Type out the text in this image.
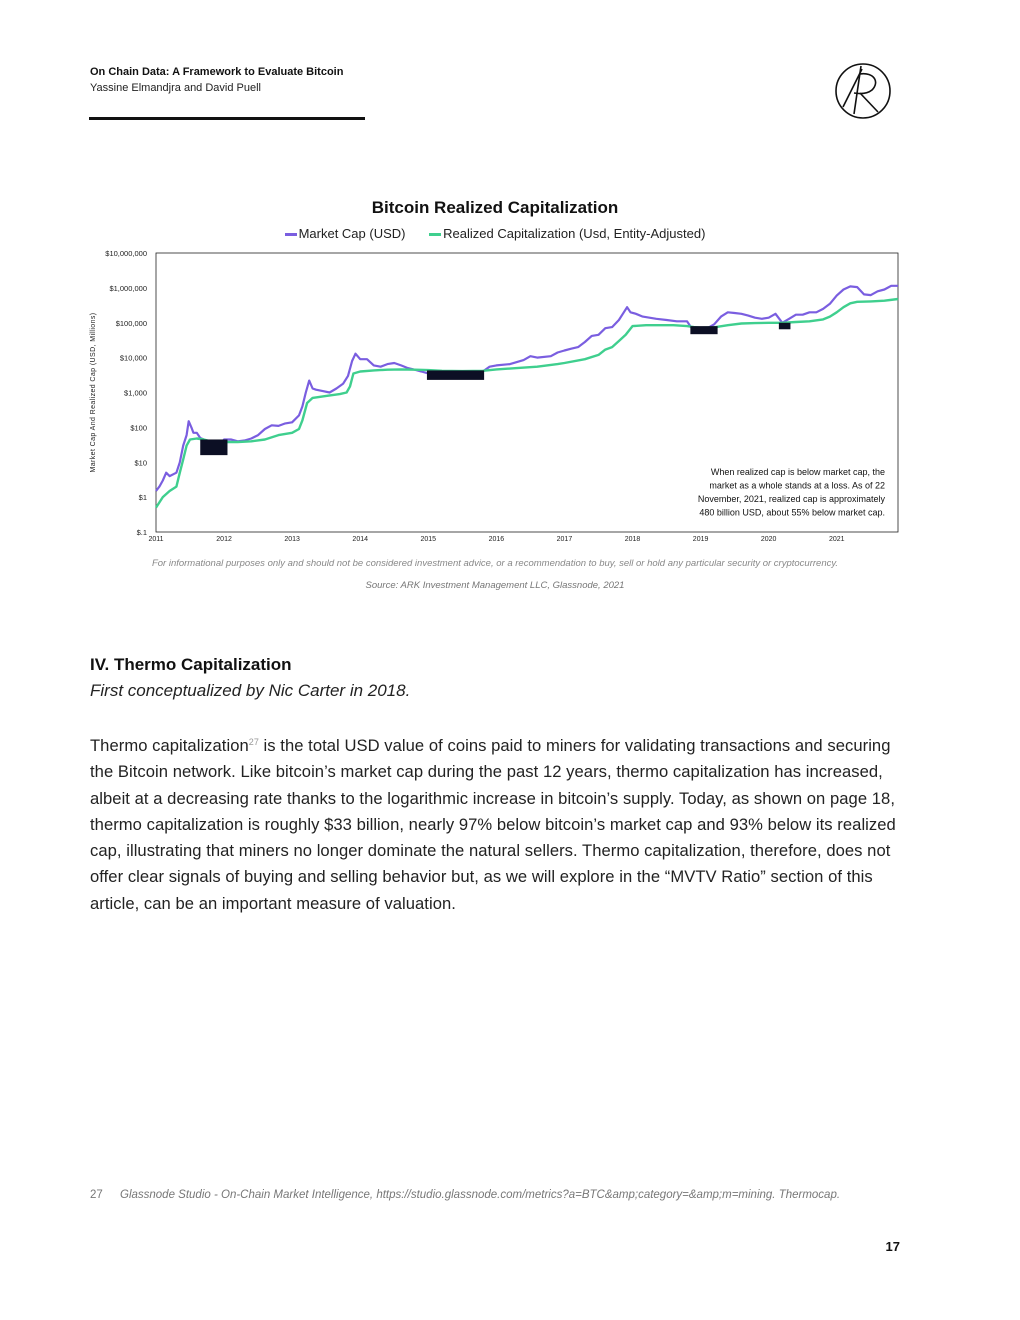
On Chain Data: A Framework to Evaluate Bitcoin
Yassine Elmandjra and David Puell
Bitcoin Realized Capitalization
Market Cap (USD)	Realized Capitalization (Usd, Entity-Adjusted)
$10,000,000
$1,000,000
$100,000
$10,000
$1,000
$100
$10
$1
$.1
2011	2012	2013	2014	2015	2016	2017	2018	2019	2020	2021
Market Cap And Realized Cap (USD, Millions)	When realized cap is below market cap, the market as a whole stands at a loss. As of 22 November, 2021, realized cap is approximately 480 billion USD, about 55% below market cap.
For informational purposes only and should not be considered investment advice, or a recommendation to buy, sell or hold any particular security or cryptocurrency.
Source: ARK Investment Management LLC, Glassnode, 2021
IV. Thermo Capitalization
First conceptualized by Nic Carter in 2018.
Thermo capitalization$^{27}$ is the total USD value of coins paid to miners for validating transactions and securing the Bitcoin network. Like bitcoin’s market cap during the past 12 years, thermo capitalization has increased, albeit at a decreasing rate thanks to the logarithmic increase in bitcoin’s supply. Today, as shown on page 18, thermo capitalization is roughly $33 billion, nearly 97% below bitcoin’s market cap and 93% below its realized cap, illustrating that miners no longer dominate the natural sellers. Thermo capitalization, therefore, does not offer clear signals of buying and selling behavior but, as we will explore in the “MVTV Ratio” section of this article, can be an important measure of valuation.
27 Glassnode Studio - On-Chain Market Intelligence, https://studio.glassnode.com/metrics?a=BTC&amp;category=&amp;m=mining. Thermocap.
17
